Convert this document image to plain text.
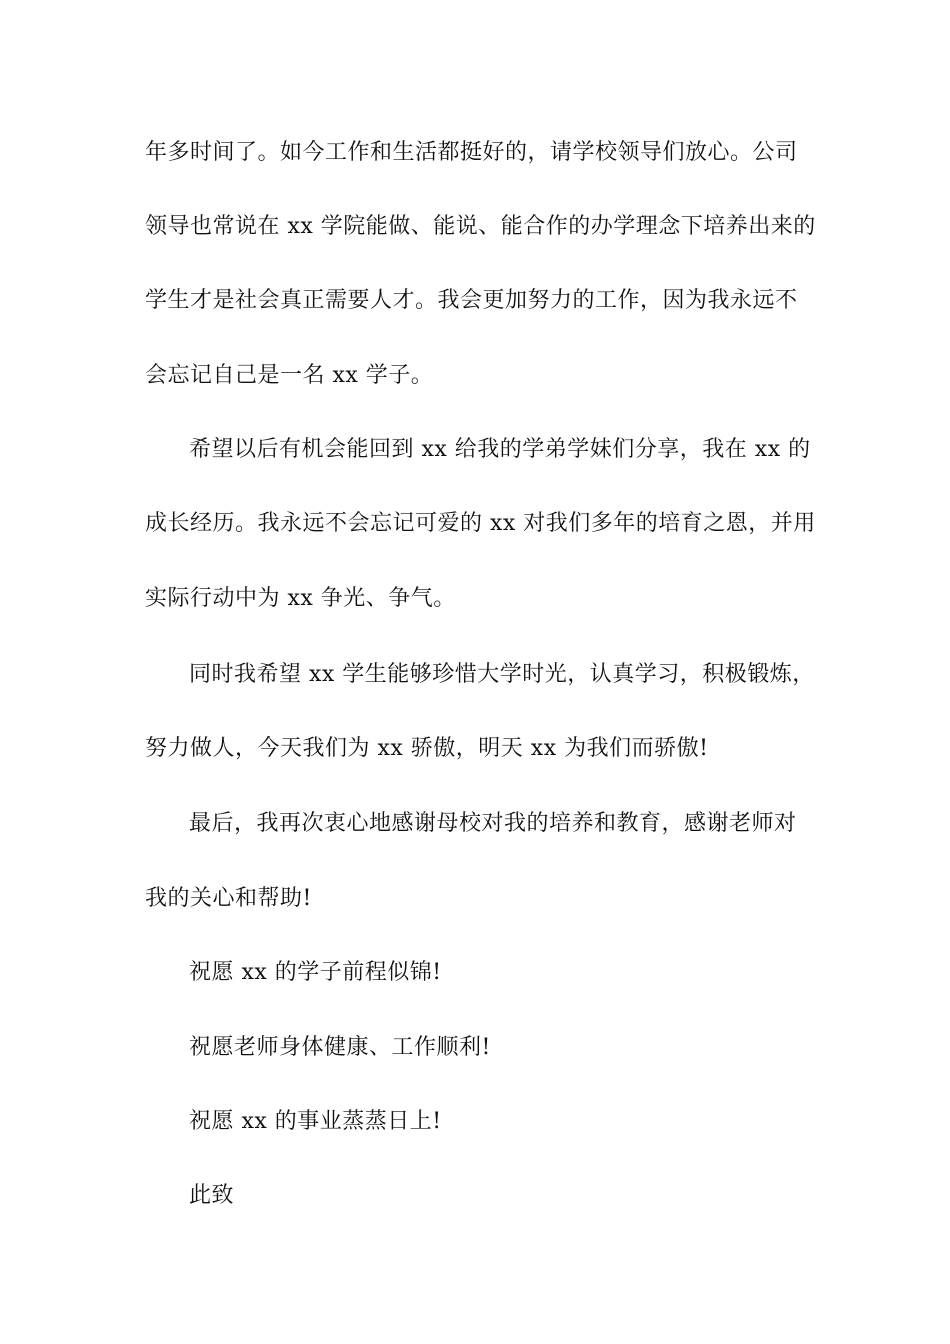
年多时间了。如今工作和生活都挺好的，请学校领导们放心。公司
领导也常说在 xx 学院能做、能说、能合作的办学理念下培养出来的
学生才是社会真正需要人才。我会更加努力的工作，因为我永远不
会忘记自己是一名 xx 学子。
希望以后有机会能回到 xx 给我的学弟学妹们分享，我在 xx 的
成长经历。我永远不会忘记可爱的 xx 对我们多年的培育之恩，并用
实际行动中为 xx 争光、争气。
同时我希望 xx 学生能够珍惜大学时光，认真学习，积极锻炼，
努力做人，今天我们为 xx 骄傲，明天 xx 为我们而骄傲!
最后，我再次衷心地感谢母校对我的培养和教育，感谢老师对
我的关心和帮助!
祝愿 xx 的学子前程似锦!
祝愿老师身体健康、工作顺利!
祝愿 xx 的事业蒸蒸日上!
此致
